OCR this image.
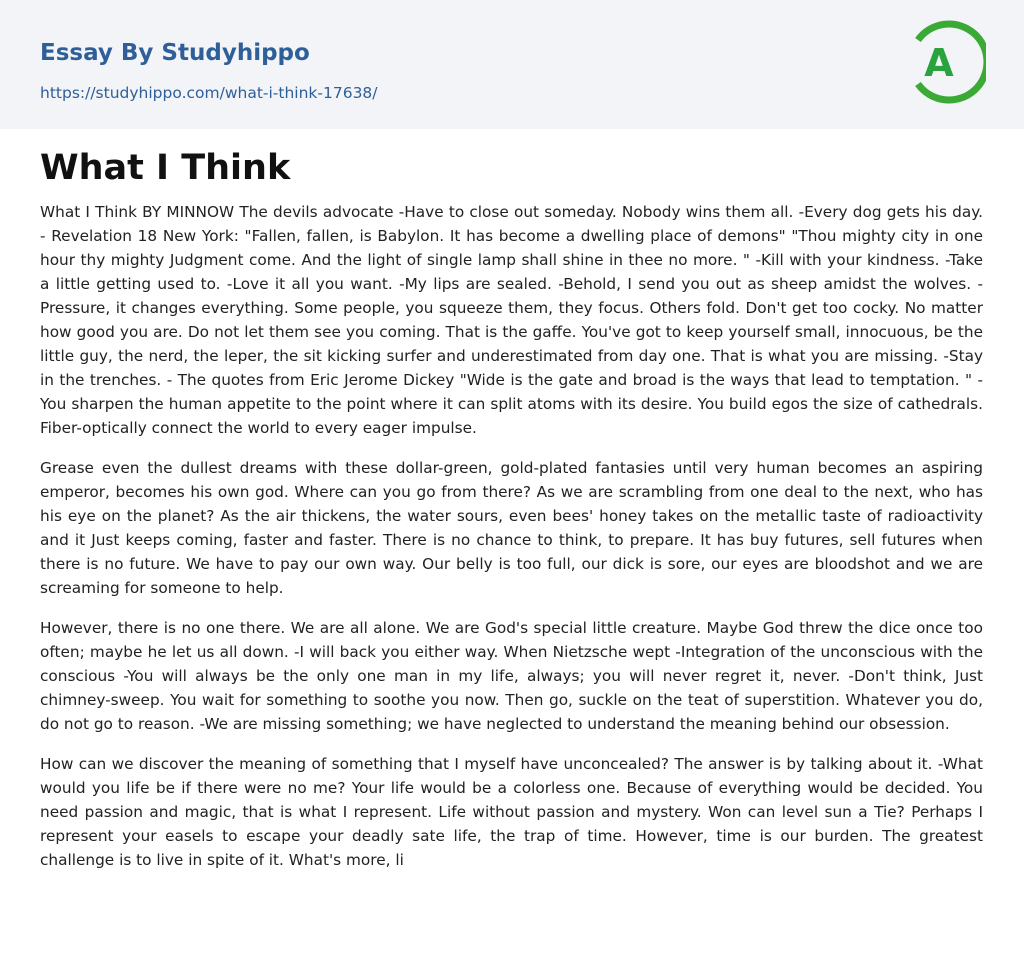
Essay By Studyhippo
https://studyhippo.com/what-i-think-17638/
A
What I Think

What I Think BY MINNOW The devils advocate -Have to close out someday. Nobody wins them all. -Every dog gets his day. - Revelation 18 New York: "Fallen, fallen, is Babylon. It has become a dwelling place of demons" "Thou mighty city in one hour thy mighty Judgment come. And the light of single lamp shall shine in thee no more. " -Kill with your kindness. -Take a little getting used to. -Love it all you want. -My lips are sealed. -Behold, I send you out as sheep amidst the wolves. -Pressure, it changes everything. Some people, you squeeze them, they focus. Others fold. Don't get too cocky. No matter how good you are. Do not let them see you coming. That is the gaffe. You've got to keep yourself small, innocuous, be the little guy, the nerd, the leper, the sit kicking surfer and underestimated from day one. That is what you are missing. -Stay in the trenches. - The quotes from Eric Jerome Dickey "Wide is the gate and broad is the ways that lead to temptation. " -You sharpen the human appetite to the point where it can split atoms with its desire. You build egos the size of cathedrals. Fiber-optically connect the world to every eager impulse.

Grease even the dullest dreams with these dollar-green, gold-plated fantasies until very human becomes an aspiring emperor, becomes his own god. Where can you go from there? As we are scrambling from one deal to the next, who has his eye on the planet? As the air thickens, the water sours, even bees' honey takes on the metallic taste of radioactivity and it Just keeps coming, faster and faster. There is no chance to think, to prepare. It has buy futures, sell futures when there is no future. We have to pay our own way. Our belly is too full, our dick is sore, our eyes are bloodshot and we are screaming for someone to help.

However, there is no one there. We are all alone. We are God's special little creature. Maybe God threw the dice once too often; maybe he let us all down. -I will back you either way. When Nietzsche wept -Integration of the unconscious with the conscious -You will always be the only one man in my life, always; you will never regret it, never. -Don't think, Just chimney-sweep. You wait for something to soothe you now. Then go, suckle on the teat of superstition. Whatever you do, do not go to reason. -We are missing something; we have neglected to understand the meaning behind our obsession.

How can we discover the meaning of something that I myself have unconcealed? The answer is by talking about it. -What would you life be if there were no me? Your life would be a colorless one. Because of everything would be decided. You need passion and magic, that is what I represent. Life without passion and mystery. Won can level sun a Tie? Perhaps I represent your easels to escape your deadly sate life, the trap of time. However, time is our burden. The greatest challenge is to live in spite of it. What's more, li
